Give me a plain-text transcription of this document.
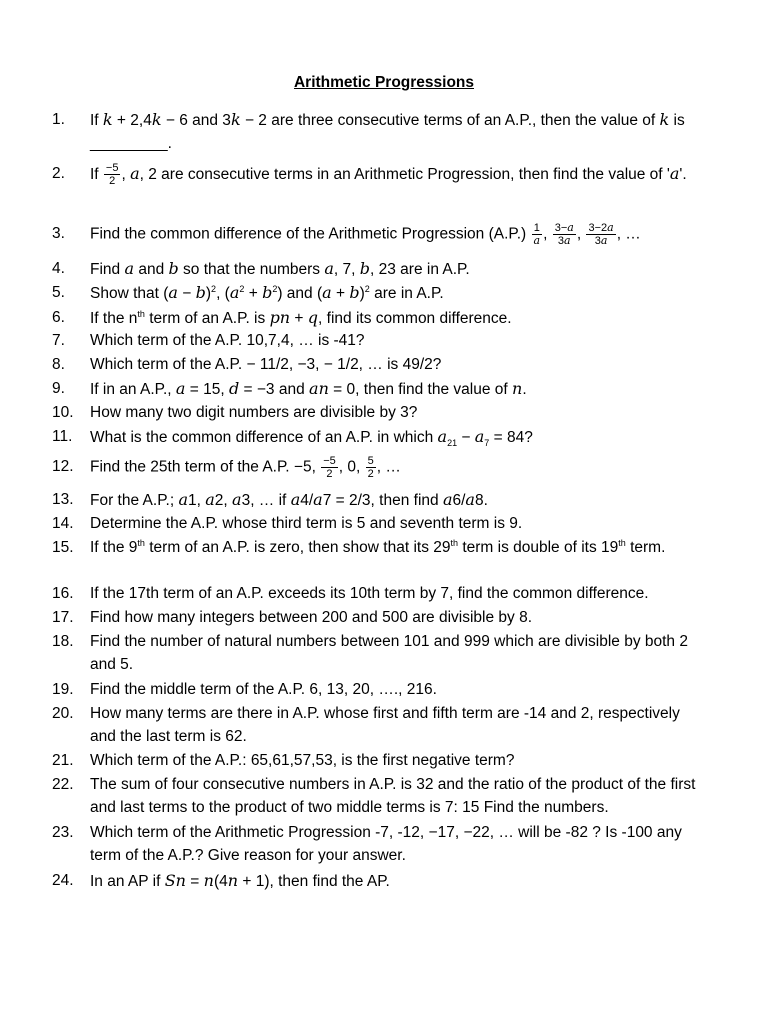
Arithmetic Progressions
1.	If k + 2,4k − 6 and 3k − 2 are three consecutive terms of an A.P., then the value of k is _________.
2.	If $\frac{-5}{2}$ , a, 2 are consecutive terms in an Arithmetic Progression, then find the value of 'a'.
3.	Find the common difference of the Arithmetic Progression $(A.P.) \frac{1}{a}$ , $\frac{3-a}{3a}$ , $\frac{3-2a}{3a}$ , …
4.	Find a and b so that the numbers a, 7, b, 23 are in A.P.
5.	Show that $(a - b)^2$, $(a^2 + b^2)$ and $(a + b)^2$ are in A.P.
6.	If the $n^{th}$ term of an A.P. is pn + q, find its common difference.
7.	Which term of the A.P. 10,7,4, … is -41?
8.	Which term of the A.P. − 11/2, −3, − 1/2, … is 49/2?
9.	If in an A.P., a = 15, d = −3 and an = 0, then find the value of n.
10.	How many two digit numbers are divisible by 3?
11.	What is the common difference of an A.P. in which $a_{21} - a_7 = 84$?
12.	Find the 25th term of the A.P. −5, $\frac{-5}{2}$ , 0, $\frac{5}{2}$ , …
13.	For the A.P.; a1, a2, a3, … if a4/a7 = 2/3, then find a6/a8.
14.	Determine the A.P. whose third term is 5 and seventh term is 9.
15.	If the 9th term of an A.P. is zero, then show that its 29th term is double of its 19th term.
16.	If the 17th term of an A.P. exceeds its 10th term by 7, find the common difference.
17.	Find how many integers between 200 and 500 are divisible by 8.
18.	Find the number of natural numbers between 101 and 999 which are divisible by both 2 and 5.
19.	Find the middle term of the A.P. 6, 13, 20, …., 216.
20.	How many terms are there in A.P. whose first and fifth term are -14 and 2, respectively and the last term is 62.
21.	Which term of the A.P.: 65,61,57,53, is the first negative term?
22.	The sum of four consecutive numbers in A.P. is 32 and the ratio of the product of the first and last terms to the product of two middle terms is 7: 15 Find the numbers.
23.	Which term of the Arithmetic Progression -7, -12, −17, −22, … will be -82 ? Is -100 any term of the A.P.? Give reason for your answer.
24.	In an AP if Sn = n(4n + 1), then find the AP.
